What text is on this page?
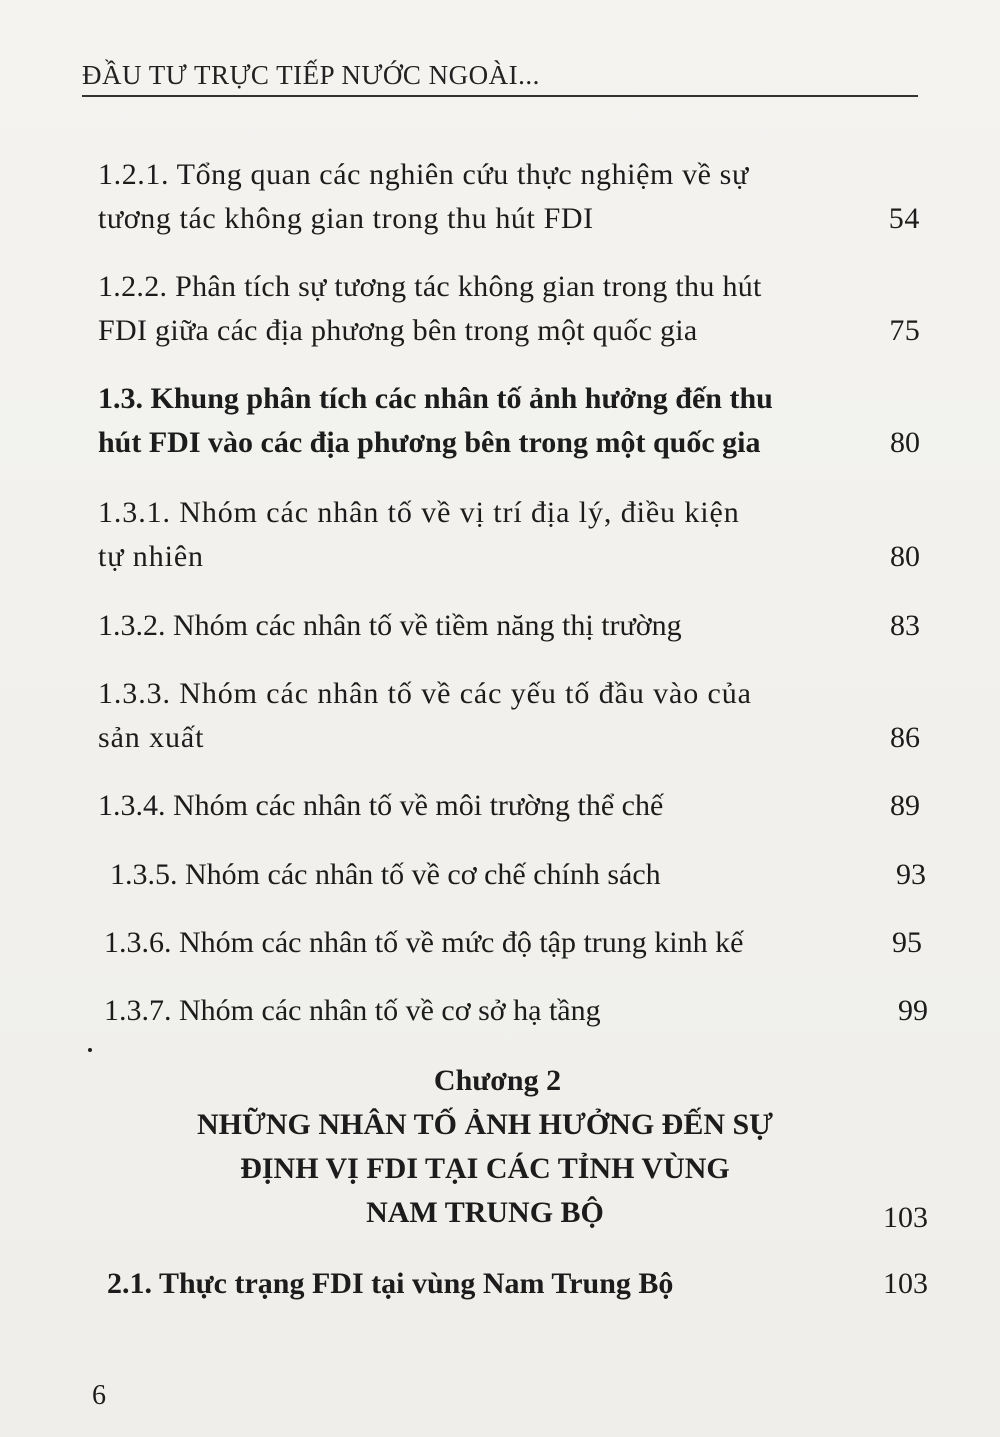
ĐẦU TƯ TRỰC TIẾP NƯỚC NGOÀI...
1.2.1. Tổng quan các nghiên cứu thực nghiệm về sự
tương tác không gian trong thu hút FDI	54
1.2.2. Phân tích sự tương tác không gian trong thu hút
FDI giữa các địa phương bên trong một quốc gia	75
1.3. Khung phân tích các nhân tố ảnh hưởng đến thu
hút FDI vào các địa phương bên trong một quốc gia	80
1.3.1. Nhóm các nhân tố về vị trí địa lý, điều kiện
tự nhiên	80
1.3.2. Nhóm các nhân tố về tiềm năng thị trường	83
1.3.3. Nhóm các nhân tố về các yếu tố đầu vào của
sản xuất	86
1.3.4. Nhóm các nhân tố về môi trường thể chế	89
1.3.5. Nhóm các nhân tố về cơ chế chính sách	93
1.3.6. Nhóm các nhân tố về mức độ tập trung kinh kế	95
1.3.7. Nhóm các nhân tố về cơ sở hạ tầng	99
Chương 2
NHỮNG NHÂN TỐ ẢNH HƯỞNG ĐẾN SỰ
ĐỊNH VỊ FDI TẠI CÁC TỈNH VÙNG
NAM TRUNG BỘ	103
2.1. Thực trạng FDI tại vùng Nam Trung Bộ	103
6
